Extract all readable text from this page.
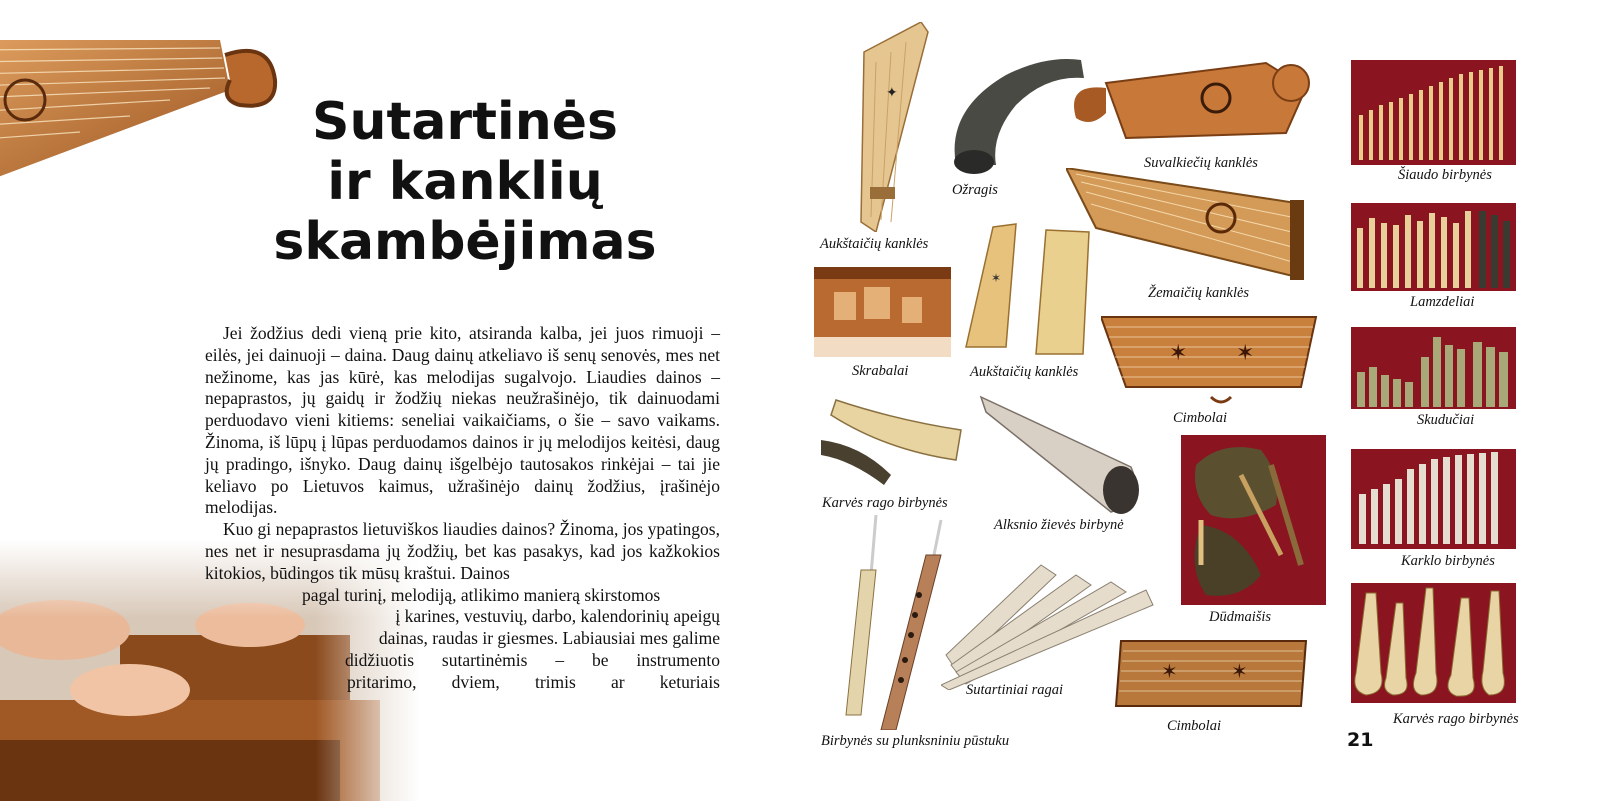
Sutartinės
ir kanklių
skambėjimas

Jei žodžius dedi vieną prie kito, atsiranda kalba, jei juos rimuoji – eilės, jei dainuoji – daina. Daug dainų atkeliavo iš senų senovės, mes net nežinome, kas jas kūrė, kas melodijas sugalvojo. Liaudies dainos – nepaprastos, jų gaidų ir žodžių niekas neužrašinėjo, tik dainuodami perduodavo vieni kitiems: seneliai vaikaičiams, o šie – savo vaikams. Žinoma, iš lūpų į lūpas perduodamos dainos ir jų melodijos keitėsi, daug jų pradingo, išnyko. Daug dainų išgelbėjo tautosakos rinkėjai – tai jie keliavo po Lietuvos kaimus, užrašinėjo dainų žodžius, įrašinėjo melodijas.

Kuo gi nepaprastos lietuviškos liaudies dainos? Žinoma, jos ypatingos, nes net ir nesuprasdama jų žodžių, bet kas pasakys, kad jos kažkokios kitokios, būdingos tik mūsų kraštui. Dainos

pagal turinį, melodiją, atlikimo manierą skirstomos
į karines, vestuvių, darbo, kalendorinių apeigų
dainas, raudas ir giesmes. Labiausiai mes galime
didžiuotis sutartinėmis – be instrumento
pritarimo, dviem, trimis ar keturiais
✦
Aukštaičių kanklės
Ožragis
Suvalkiečių kanklės
Šiaudo birbynės
Žemaičių kanklės
Lamzdeliai
Skrabalai
✶
Aukštaičių kanklės
✶ ✶
Cimbolai	Skudučiai
Karvės rago birbynės
Alksnio žievės birbynė
Dūdmaišis
Karklo birbynės
Birbynės su plunksniniu pūstuku
Sutartiniai ragai
✶	✶
Cimbolai	Karvės rago birbynės
21
